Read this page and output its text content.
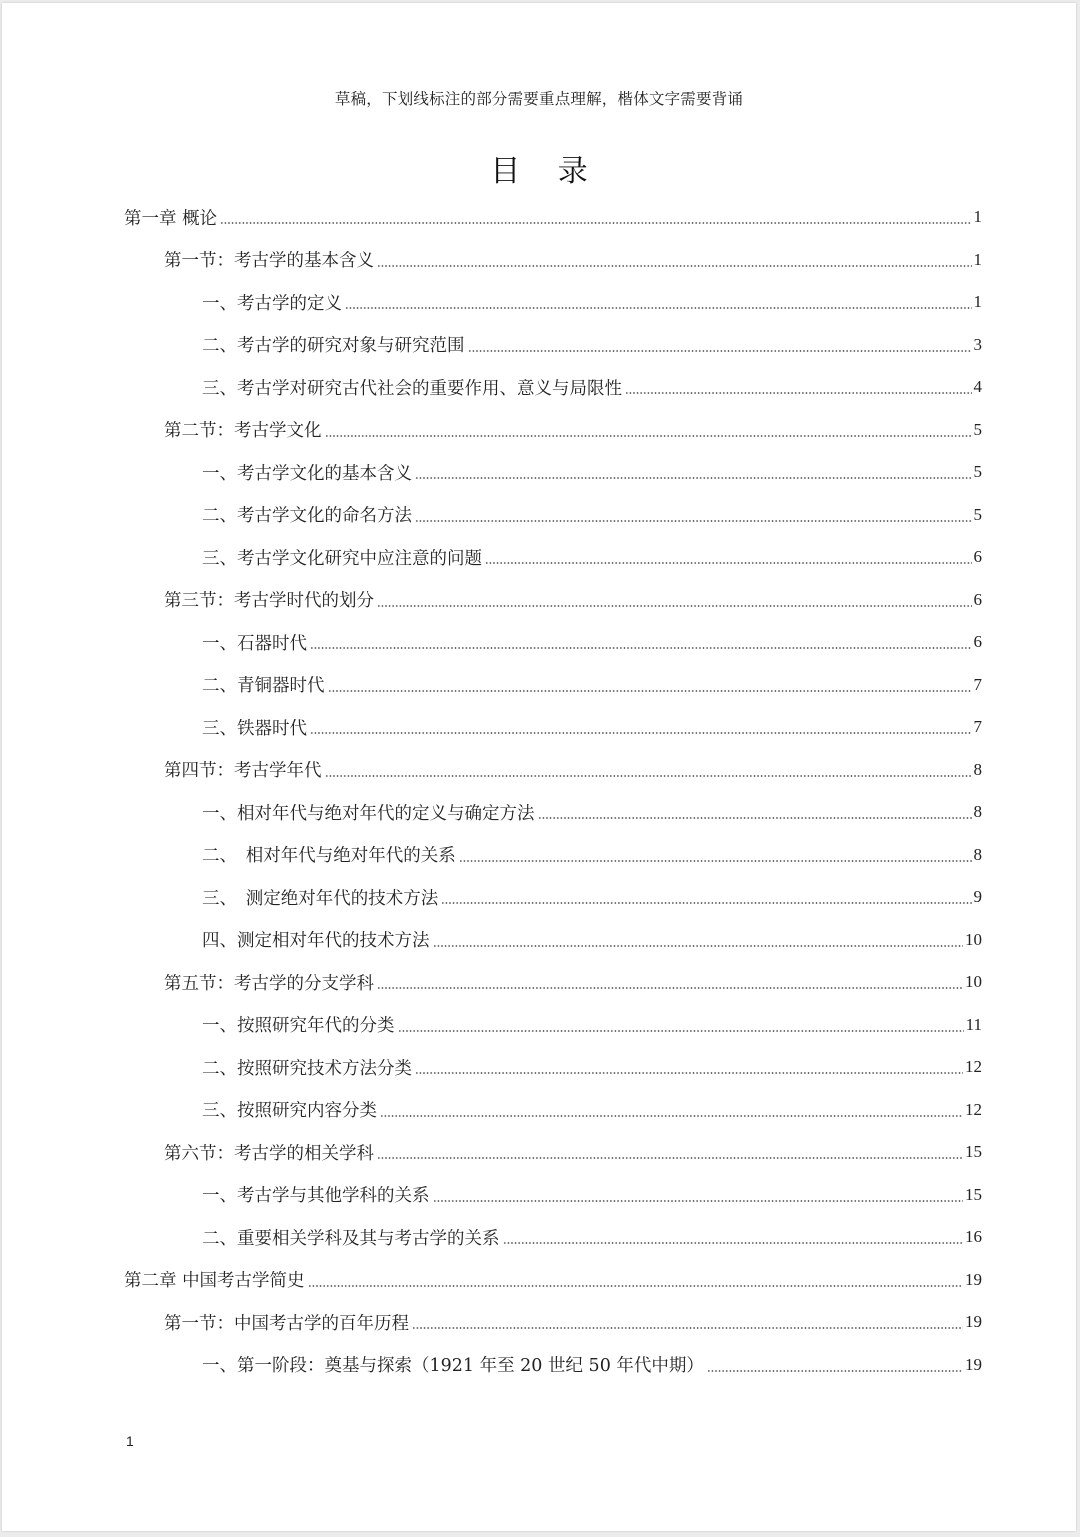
草稿，下划线标注的部分需要重点理解，楷体文字需要背诵
目 录
第一章 概论	1
第一节：考古学的基本含义	1
一、考古学的定义	1
二、考古学的研究对象与研究范围	3
三、考古学对研究古代社会的重要作用、意义与局限性	4
第二节：考古学文化	5
一、考古学文化的基本含义	5
二、考古学文化的命名方法	5
三、考古学文化研究中应注意的问题	6
第三节：考古学时代的划分	6
一、石器时代	6
二、青铜器时代	7
三、铁器时代	7
第四节：考古学年代	8
一、相对年代与绝对年代的定义与确定方法	8
二、　相对年代与绝对年代的关系	8
三、　测定绝对年代的技术方法	9
四、测定相对年代的技术方法	10
第五节：考古学的分支学科	10
一、按照研究年代的分类	11
二、按照研究技术方法分类	12
三、按照研究内容分类	12
第六节：考古学的相关学科	15
一、考古学与其他学科的关系	15
二、重要相关学科及其与考古学的关系	16
第二章 中国考古学简史	19
第一节：中国考古学的百年历程	19
一、第一阶段：奠基与探索（1921 年至 20 世纪 50 年代中期）	19
1
